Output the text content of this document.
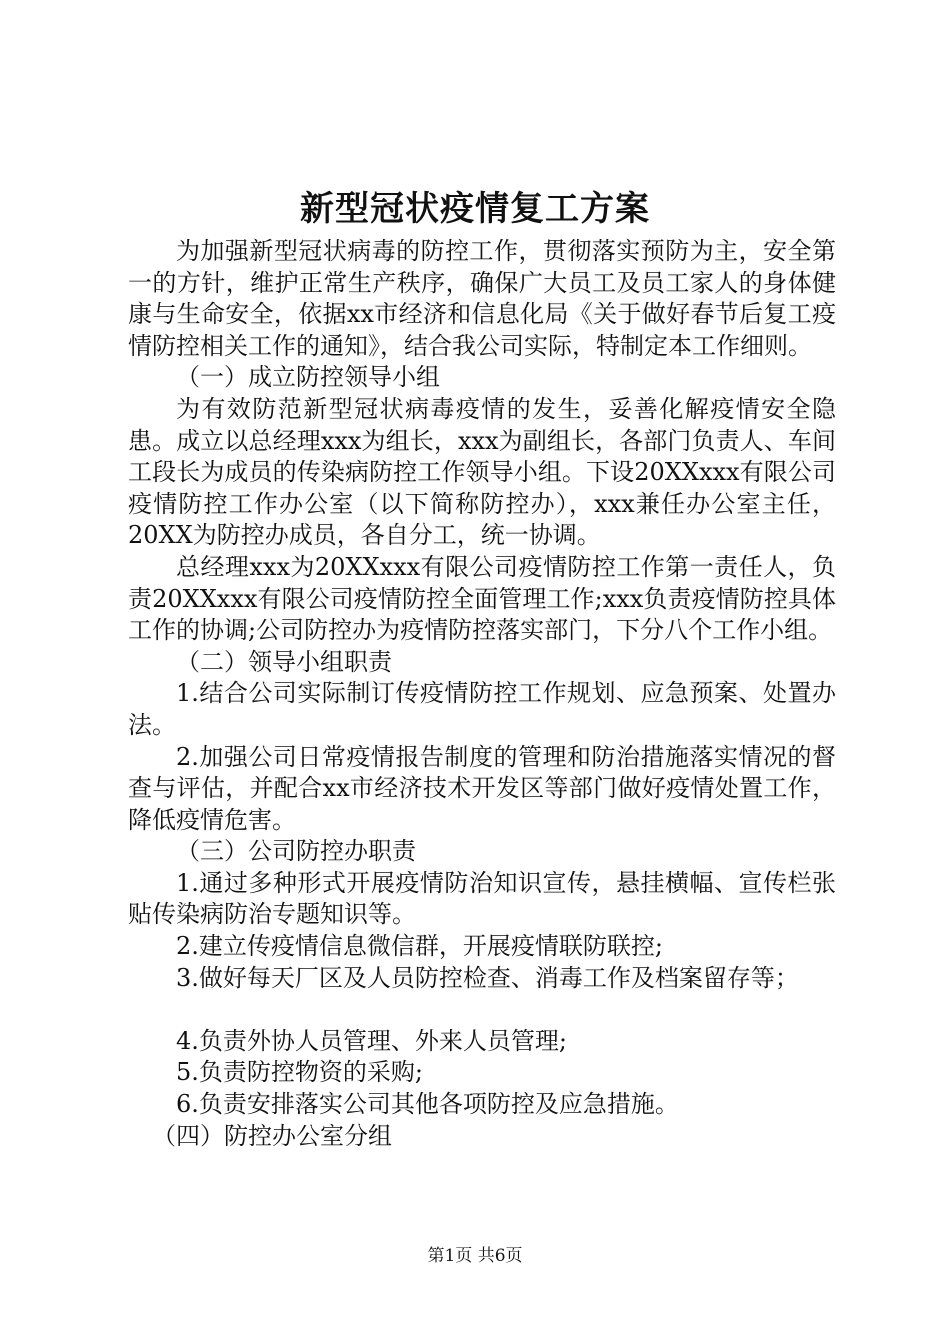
新型冠状疫情复工方案

为加强新型冠状病毒的防控工作，贯彻落实预防为主，安全第一的方针，维护正常生产秩序，确保广大员工及员工家人的身体健康与生命安全，依据xx市经济和信息化局《关于做好春节后复工疫情防控相关工作的通知》，结合我公司实际，特制定本工作细则。

（一）成立防控领导小组

为有效防范新型冠状病毒疫情的发生，妥善化解疫情安全隐患。成立以总经理xxx为组长，xxx为副组长，各部门负责人、车间工段长为成员的传染病防控工作领导小组。下设20XXxxx有限公司疫情防控工作办公室（以下简称防控办），xxx兼任办公室主任，20XX为防控办成员，各自分工，统一协调。

总经理xxx为20XXxxx有限公司疫情防控工作第一责任人，负责20XXxxx有限公司疫情防控全面管理工作;xxx负责疫情防控具体工作的协调;公司防控办为疫情防控落实部门，下分八个工作小组。

（二）领导小组职责

1.结合公司实际制订传疫情防控工作规划、应急预案、处置办法。

2.加强公司日常疫情报告制度的管理和防治措施落实情况的督查与评估，并配合xx市经济技术开发区等部门做好疫情处置工作，降低疫情危害。

（三）公司防控办职责

1.通过多种形式开展疫情防治知识宣传，悬挂横幅、宣传栏张贴传染病防治专题知识等。

2.建立传疫情信息微信群，开展疫情联防联控;

3.做好每天厂区及人员防控检查、消毒工作及档案留存等；

4.负责外协人员管理、外来人员管理;

5.负责防控物资的采购;

6.负责安排落实公司其他各项防控及应急措施。

（四）防控办公室分组

第1页 共6页
